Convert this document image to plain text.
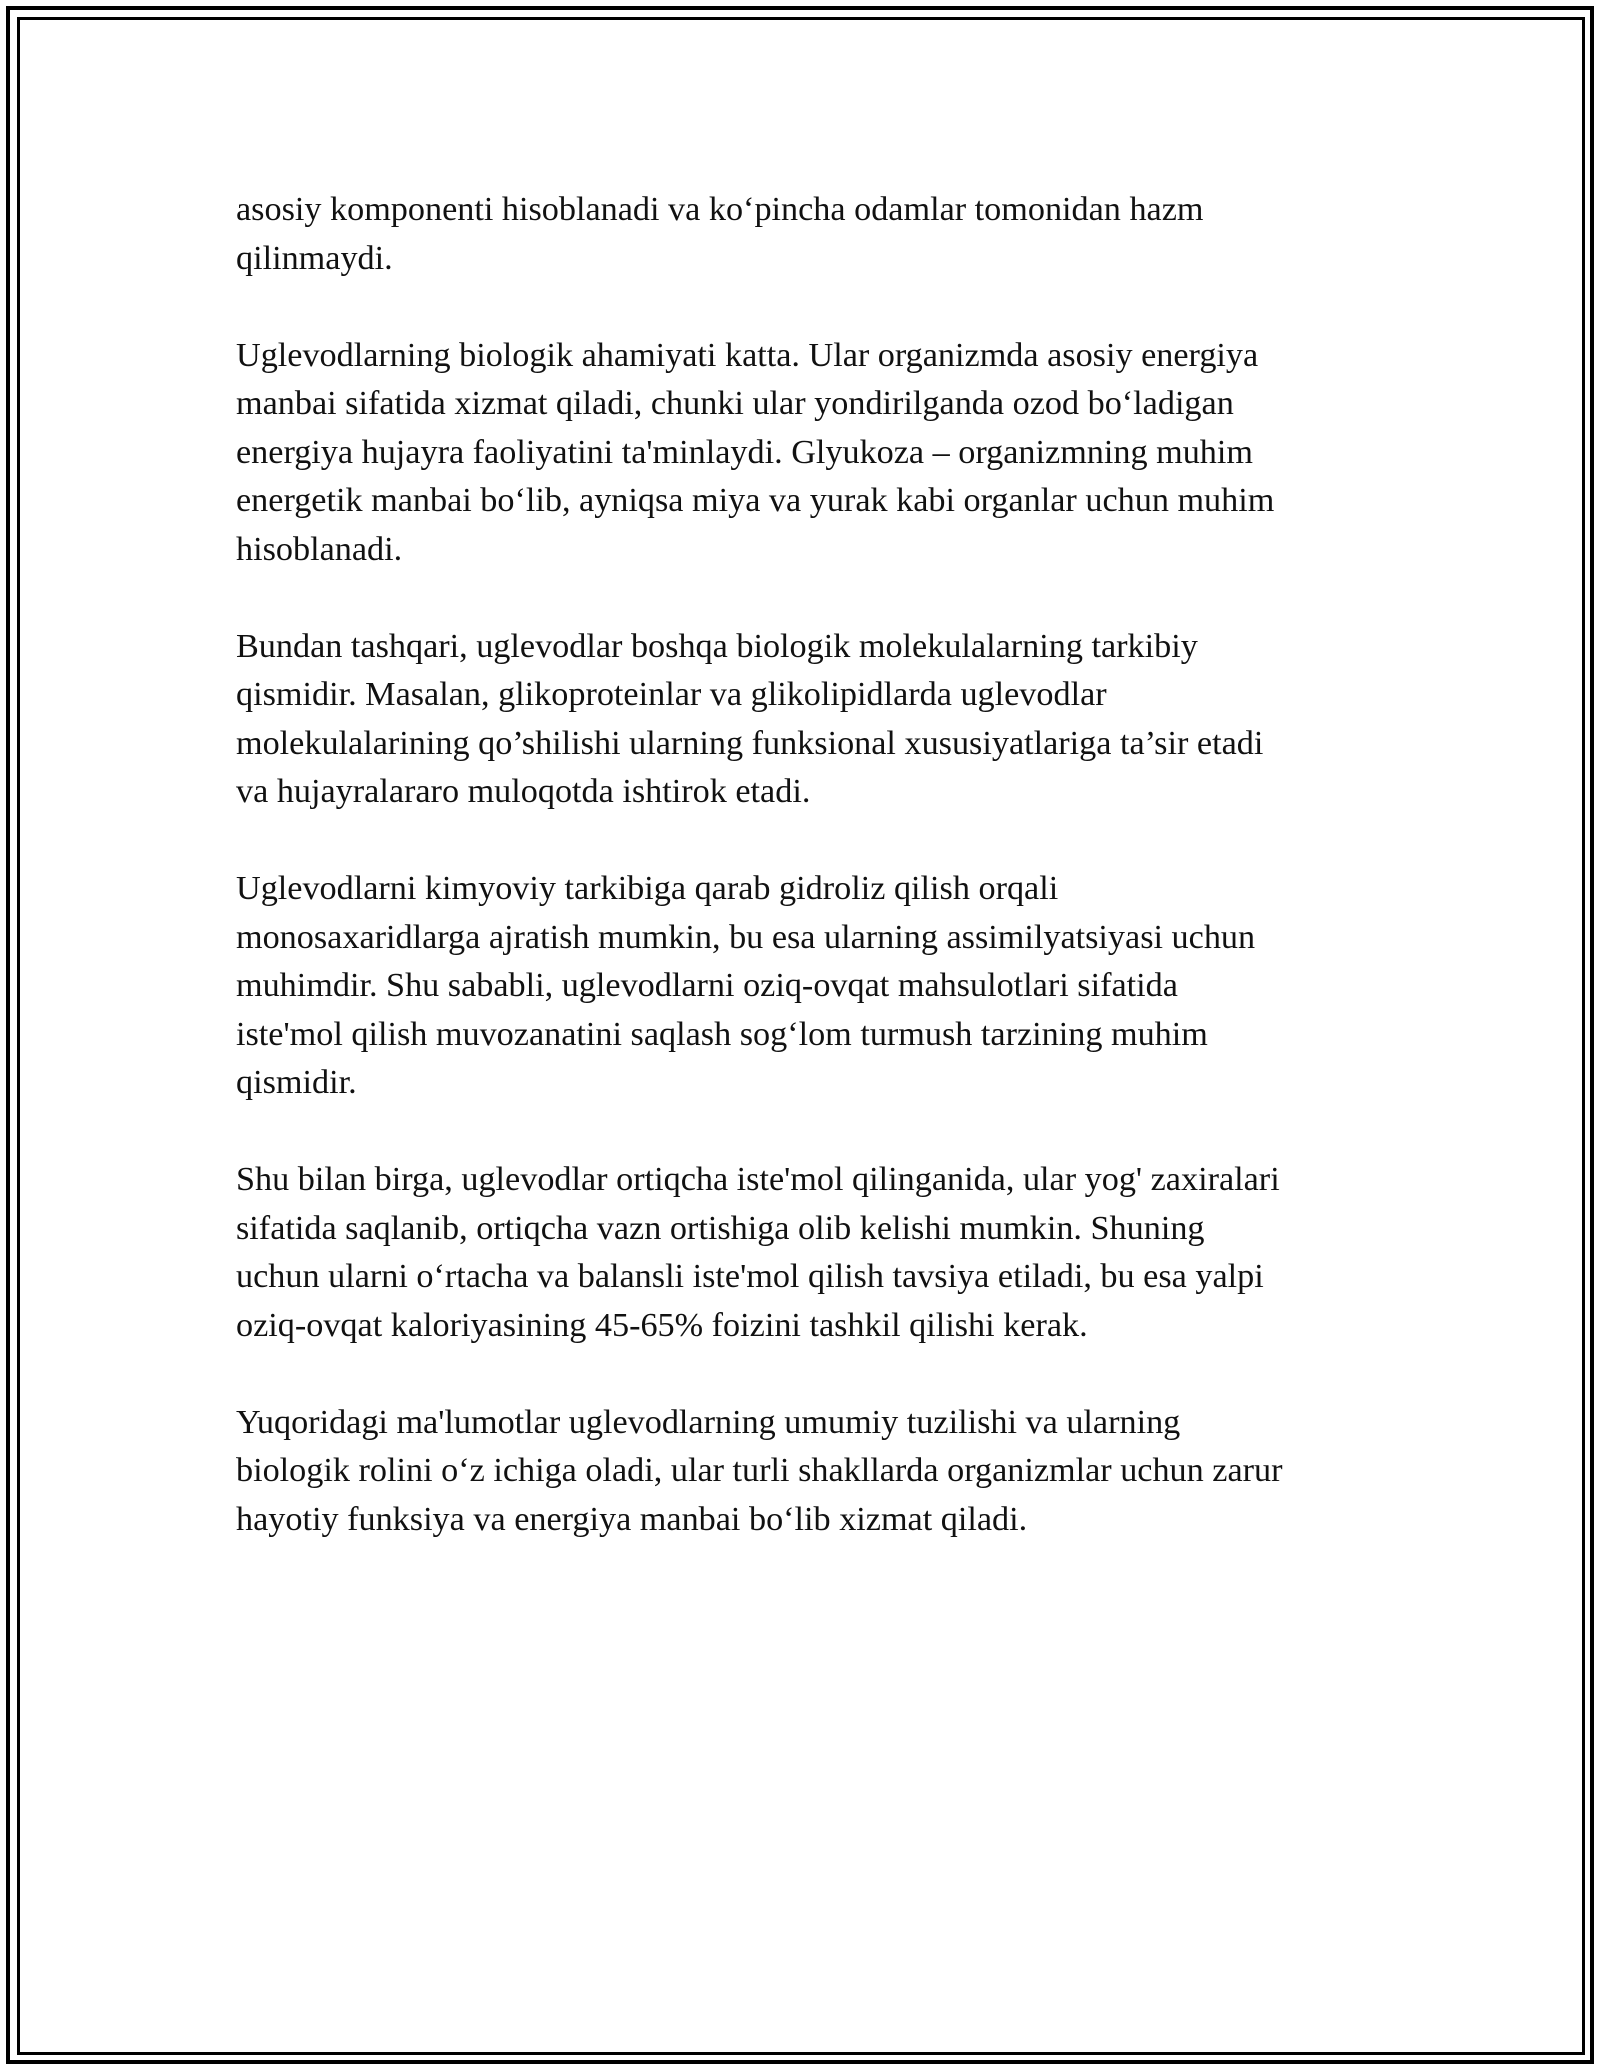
asosiy komponenti hisoblanadi va ko‘pincha odamlar tomonidan hazm
qilinmaydi.

Uglevodlarning biologik ahamiyati katta. Ular organizmda asosiy energiya
manbai sifatida xizmat qiladi, chunki ular yondirilganda ozod bo‘ladigan
energiya hujayra faoliyatini ta'minlaydi. Glyukoza – organizmning muhim
energetik manbai bo‘lib, ayniqsa miya va yurak kabi organlar uchun muhim
hisoblanadi.

Bundan tashqari, uglevodlar boshqa biologik molekulalarning tarkibiy
qismidir. Masalan, glikoproteinlar va glikolipidlarda uglevodlar
molekulalarining qo’shilishi ularning funksional xususiyatlariga ta’sir etadi
va hujayralararo muloqotda ishtirok etadi.

Uglevodlarni kimyoviy tarkibiga qarab gidroliz qilish orqali
monosaxaridlarga ajratish mumkin, bu esa ularning assimilyatsiyasi uchun
muhimdir. Shu sababli, uglevodlarni oziq-ovqat mahsulotlari sifatida
iste'mol qilish muvozanatini saqlash sog‘lom turmush tarzining muhim
qismidir.

Shu bilan birga, uglevodlar ortiqcha iste'mol qilinganida, ular yog' zaxiralari
sifatida saqlanib, ortiqcha vazn ortishiga olib kelishi mumkin. Shuning
uchun ularni o‘rtacha va balansli iste'mol qilish tavsiya etiladi, bu esa yalpi
oziq-ovqat kaloriyasining 45-65% foizini tashkil qilishi kerak.

Yuqoridagi ma'lumotlar uglevodlarning umumiy tuzilishi va ularning
biologik rolini o‘z ichiga oladi, ular turli shakllarda organizmlar uchun zarur
hayotiy funksiya va energiya manbai bo‘lib xizmat qiladi.
